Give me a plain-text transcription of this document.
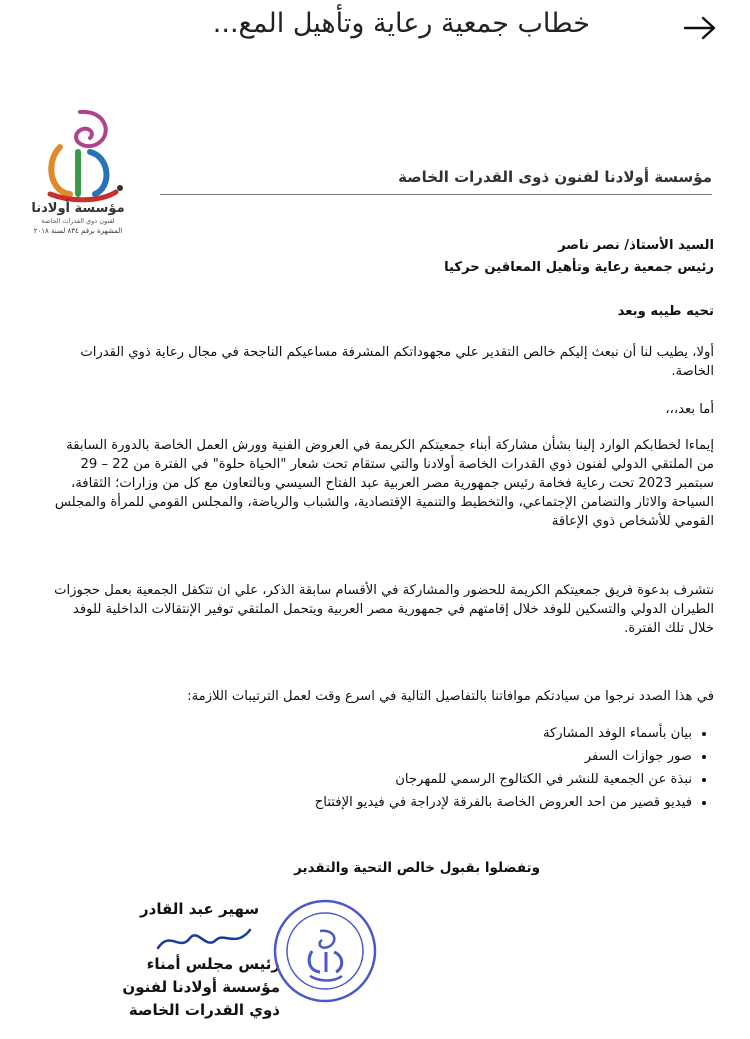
خطاب جمعية رعاية وتأهيل المع...
مؤسسة أولادنا
لفنون ذوي القدرات الخاصة
المشهرة برقم ٨٣٤ لسنة ٢٠١٨
مؤسسة أولادنا لفنون ذوى القدرات الخاصة
السيد الأستاذ/ نصر ناصر
رئيس جمعية رعاية وتأهيل المعاقين حركيا
تحيه طيبه وبعد
أولا، يطيب لنا أن نبعث إليكم خالص التقدير علي مجهوداتكم المشرفة مساعيكم الناجحة في مجال رعاية ذوي القدرات الخاصة.
أما بعد،،،
إيماءا لخطابكم الوارد إلينا بشأن مشاركة أبناء جمعيتكم الكريمة في العروض الفنية وورش العمل الخاصة بالدورة السابقة من الملتقي الدولي لفنون ذوي القدرات الخاصة أولادنا والتي ستقام تحت شعار "الحياة حلوة" في الفترة من 22 – 29 سبتمبر 2023 تحت رعاية فخامة رئيس جمهورية مصر العربية عبد الفتاح السيسي وبالتعاون مع كل من وزارات؛ الثقافة، السياحة والاثار والتضامن الإجتماعي، والتخطيط والتنمية الإقتصادية، والشباب والرياضة، والمجلس القومي للمرأة والمجلس القومي للأشخاص ذوي الإعاقة
نتشرف بدعوة فريق جمعيتكم الكريمة للحضور والمشاركة في الأقسام سابقة الذكر، علي ان تتكفل الجمعية بعمل حجوزات الطيران الدولي والتسكين للوفد خلال إقامتهم في جمهورية مصر العربية ويتحمل الملتقي توفير الإنتقالات الداخلية للوفد خلال تلك الفترة.
في هذا الصدد نرجوا من سيادتكم موافاتنا بالتفاصيل التالية في اسرع وقت لعمل الترتيبات اللازمة:
• بيان بأسماء الوفد المشاركة
• صور جوازات السفر
• نبذة عن الجمعية للنشر في الكتالوج الرسمي للمهرجان
• فيديو قصير من احد العروض الخاصة بالفرقة لإدراجة في فيديو الإفتتاح
وتفضلوا بقبول خالص التحية والتقدير
سهير عبد القادر
رئيس مجلس أمناء مؤسسة أولادنا لفنون ذوي القدرات الخاصة
